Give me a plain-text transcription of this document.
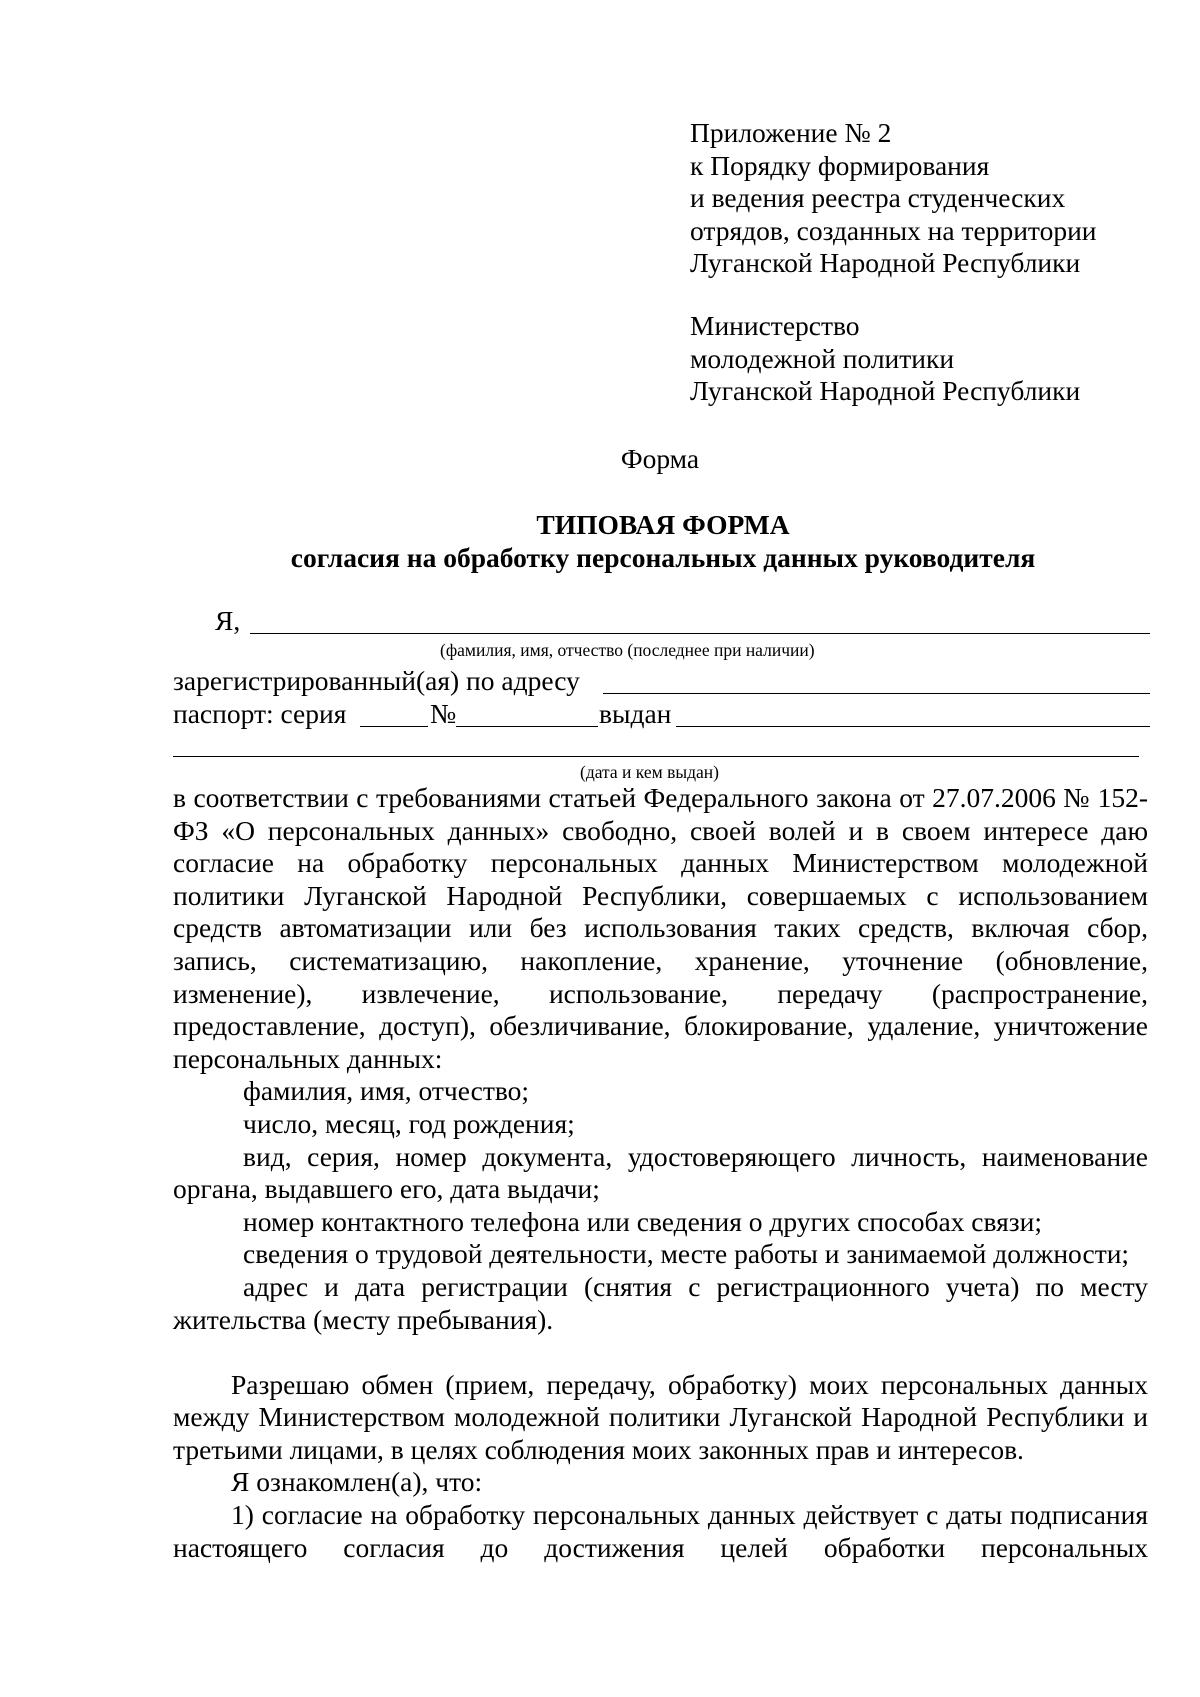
Приложение № 2
к Порядку формирования
и ведения реестра студенческих
отрядов, созданных на территории
Луганской Народной Республики
Министерство
молодежной политики
Луганской Народной Республики
Форма
ТИПОВАЯ ФОРМА
согласия на обработку персональных данных руководителя
Я,
(фамилия, имя, отчество (последнее при наличии)
зарегистрированный(ая) по адресу
паспорт: серия	№	выдан
(дата и кем выдан)

в соответствии с требованиями статьей Федерального закона от 27.07.2006 № 152-ФЗ «О персональных данных» свободно, своей волей и в своем интересе даю согласие на обработку персональных данных Министерством молодежной политики Луганской Народной Республики, совершаемых с использованием средств автоматизации или без использования таких средств, включая сбор, запись, систематизацию, накопление, хранение, уточнение (обновление, изменение), извлечение, использование, передачу (распространение, предоставление, доступ), обезличивание, блокирование, удаление, уничтожение персональных данных:

фамилия, имя, отчество;

число, месяц, год рождения;

вид, серия, номер документа, удостоверяющего личность, наименование органа, выдавшего его, дата выдачи;

номер контактного телефона или сведения о других способах связи;

сведения о трудовой деятельности, месте работы и занимаемой должности;

адрес и дата регистрации (снятия с регистрационного учета) по месту жительства (месту пребывания).

Разрешаю обмен (прием, передачу, обработку) моих персональных данных между Министерством молодежной политики Луганской Народной Республики и третьими лицами, в целях соблюдения моих законных прав и интересов.

Я ознакомлен(а), что:

1) согласие на обработку персональных данных действует с даты подписания настоящего согласия до достижения целей обработки персональных
